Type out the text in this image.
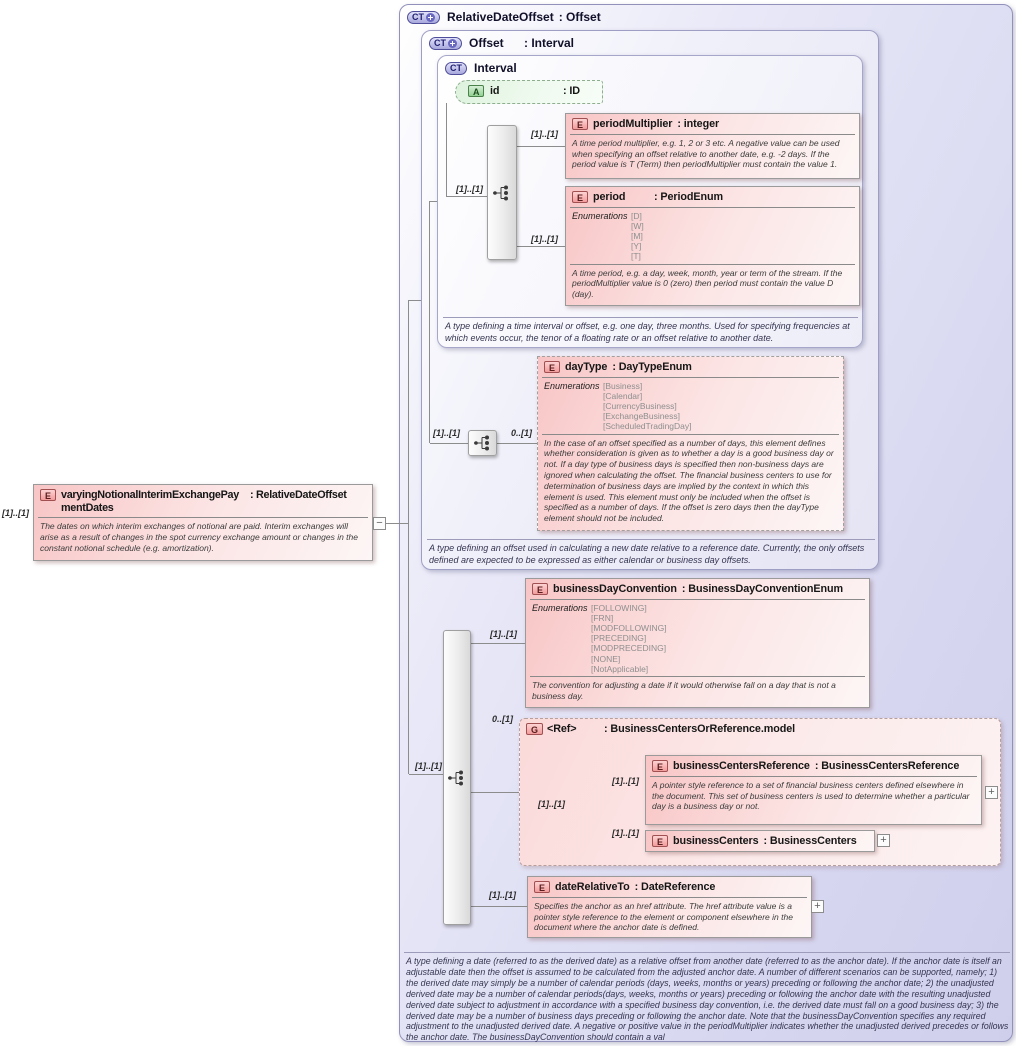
CT RelativeDateOffset : Offset
A type defining a date (referred to as the derived date) as a relative offset from another date (referred to as the anchor date). If the anchor date is itself an adjustable date then the offset is assumed to be calculated from the adjusted anchor date. A number of different scenarios can be supported, namely; 1) the derived date may simply be a number of calendar periods (days, weeks, months or years) preceding or following the anchor date; 2) the unadjusted derived date may be a number of calendar periods(days, weeks, months or years) preceding or following the anchor date with the resulting unadjusted derived date subject to adjustment in accordance with a specified business day convention, i.e. the derived date must fall on a good business day; 3) the derived date may be a number of business days preceding or following the anchor date. Note that the businessDayConvention specifies any required adjustment to the unadjusted derived date. A negative or positive value in the periodMultiplier indicates whether the unadjusted derived precedes or follows the anchor date. The businessDayConvention should contain a val
CT Offset : Interval
A type defining an offset used in calculating a new date relative to a reference date. Currently, the only offsets defined are expected to be expressed as either calendar or business day offsets.
CT Interval
A type defining a time interval or offset, e.g. one day, three months. Used for specifying frequencies at which events occur, the tenor of a floating rate or an offset relative to another date.
E varyingNotionalInterimExchangePaymentDates: RelativeDateOffset
The dates on which interim exchanges of notional are paid. Interim exchanges will arise as a result of changes in the spot currency exchange amount or changes in the constant notional schedule (e.g. amortization).
A id	: ID
E periodMultiplier : integer
A time period multiplier, e.g. 1, 2 or 3 etc. A negative value can be used when specifying an offset relative to another date, e.g. -2 days. If the period value is T (Term) then periodMultiplier must contain the value 1.
E period	: PeriodEnum
Enumerations [D]
[W]
[M]
[Y]
[T]
A time period, e.g. a day, week, month, year or term of the stream. If the periodMultiplier value is 0 (zero) then period must contain the value D (day).
E dayType : DayTypeEnum
Enumerations [Business]
[Calendar]
[CurrencyBusiness]
[ExchangeBusiness]
[ScheduledTradingDay]
In the case of an offset specified as a number of days, this element defines whether consideration is given as to whether a day is a good business day or not. If a day type of business days is specified then non-business days are ignored when calculating the offset. The financial business centers to use for determination of business days are implied by the context in which this element is used. This element must only be included when the offset is specified as a number of days. If the offset is zero days then the dayType element should not be included.
E businessDayConvention : BusinessDayConventionEnum
Enumerations [FOLLOWING]
[FRN]
[MODFOLLOWING]
[PRECEDING]
[MODPRECEDING]
[NONE]
[NotApplicable]
The convention for adjusting a date if it would otherwise fall on a day that is not a business day.
G <Ref>	: BusinessCentersOrReference.model
E businessCentersReference : BusinessCentersReference
A pointer style reference to a set of financial business centers defined elsewhere in the document. This set of business centers is used to determine whether a particular day is a business day or not.
E businessCenters : BusinessCenters
E dateRelativeTo : DateReference
Specifies the anchor as an href attribute. The href attribute value is a pointer style reference to the element or component elsewhere in the document where the anchor date is defined.
[1]..[1]
[1]..[1]
[1]..[1]
[1]..[1]
[1]..[1]	0..[1]
[1]..[1]
[1]..[1]
0..[1]
[1]..[1]
[1]..[1]
[1]..[1]
[1]..[1]
−
+
+
+
